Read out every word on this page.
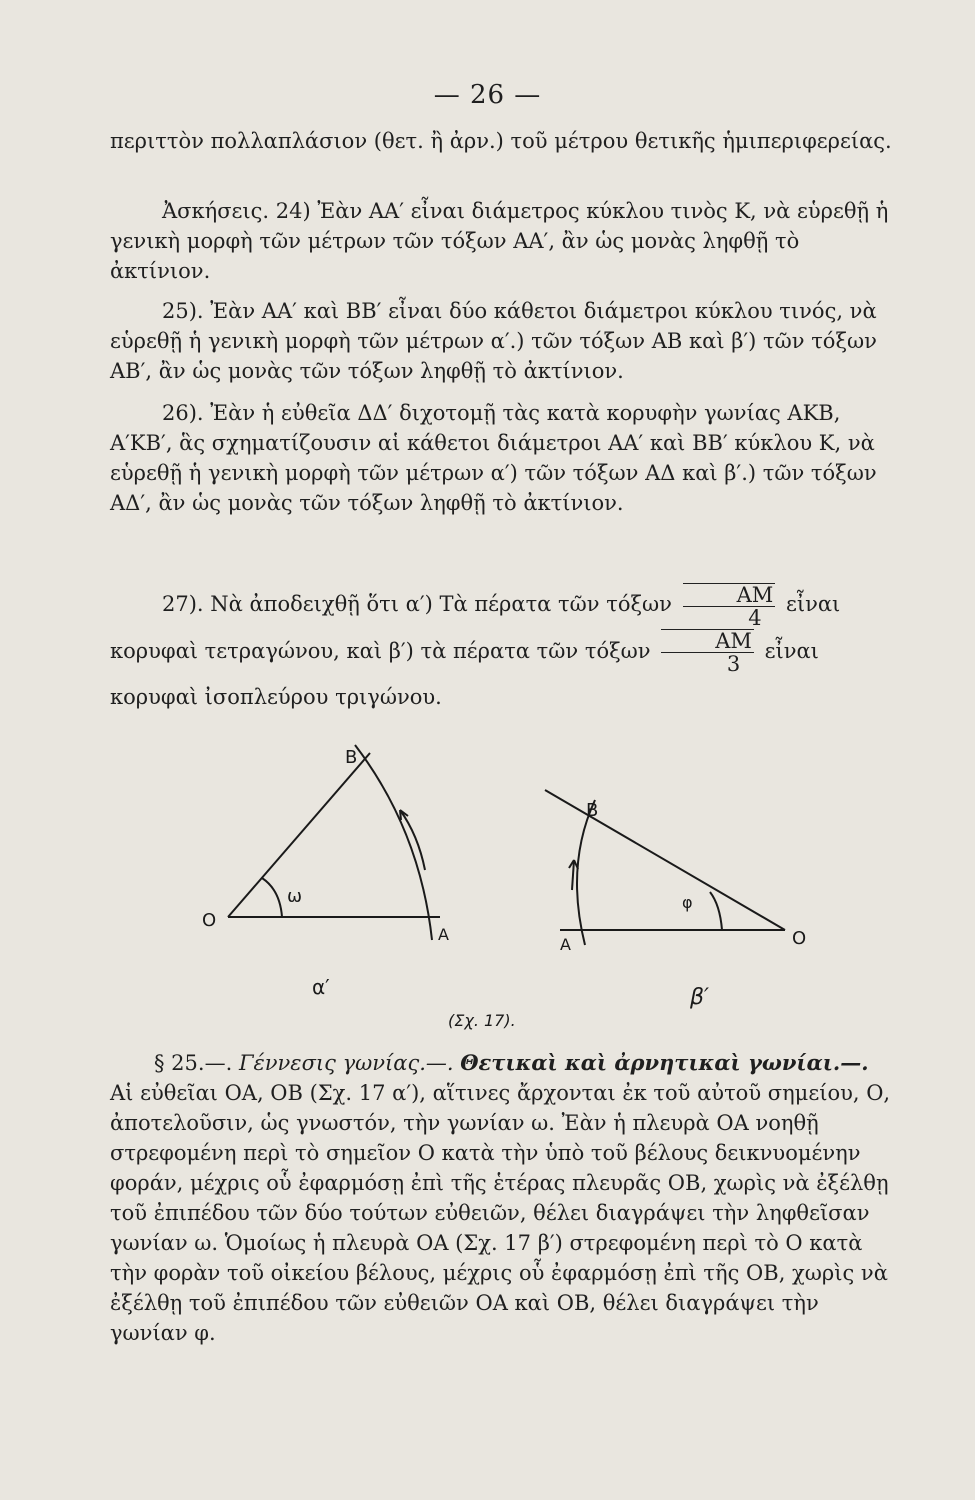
— 26 —

περιττὸν πολλαπλάσιον (θετ. ἢ ἀρν.) τοῦ μέτρου θετικῆς ἡμιπεριφερείας.

Ἀσκήσεις. 24) Ἐὰν ΑΑ′ εἶναι διάμετρος κύκλου τινὸς Κ, νὰ εὑρεθῇ ἡ γενικὴ μορφὴ τῶν μέτρων τῶν τόξων ΑΑ′, ἂν ὡς μονὰς ληφθῇ τὸ ἀκτίνιον.

25). Ἐὰν ΑΑ′ καὶ ΒΒ′ εἶναι δύο κάθετοι διάμετροι κύκλου τινός, νὰ εὑρεθῇ ἡ γενικὴ μορφὴ τῶν μέτρων α′.) τῶν τόξων ΑΒ καὶ β′) τῶν τόξων ΑΒ′, ἂν ὡς μονὰς τῶν τόξων ληφθῇ τὸ ἀκτίνιον.

26). Ἐὰν ἡ εὐθεῖα ΔΔ′ διχοτομῇ τὰς κατὰ κορυφὴν γωνίας ΑΚΒ, Α′ΚΒ′, ἃς σχηματίζουσιν αἱ κάθετοι διάμετροι ΑΑ′ καὶ ΒΒ′ κύκλου Κ, νὰ εὑρεθῇ ἡ γενικὴ μορφὴ τῶν μέτρων α′) τῶν τόξων ΑΔ καὶ β′.) τῶν τόξων ΑΔ′, ἂν ὡς μονὰς τῶν τόξων ληφθῇ τὸ ἀκτίνιον.

27). Νὰ ἀποδειχθῇ ὅτι α′) Τὰ πέρατα τῶν τόξων $\frac{AM}{4}$ εἶναι κορυφαὶ τετραγώνου, καὶ β′) τὰ πέρατα τῶν τόξων $\frac{AM}{3}$ εἶναι κορυφαὶ ἰσοπλεύρου τριγώνου.
O
A
B
ω
α′
O
A
B
φ
β′
(Σχ. 17).

§ 25.—. Γέννεσις γωνίας.—. Θετικαὶ καὶ ἀρνητικαὶ γωνίαι.—. Αἱ εὐθεῖαι ΟΑ, ΟΒ (Σχ. 17 α′), αἵτινες ἄρχονται ἐκ τοῦ αὐτοῦ σημείου, Ο, ἀποτελοῦσιν, ὡς γνωστόν, τὴν γωνίαν ω. Ἐὰν ἡ πλευρὰ ΟΑ νοηθῇ στρεφομένη περὶ τὸ σημεῖον Ο κατὰ τὴν ὑπὸ τοῦ βέλους δεικνυομένην φοράν, μέχρις οὗ ἐφαρμόσῃ ἐπὶ τῆς ἑτέρας πλευρᾶς ΟΒ, χωρὶς νὰ ἐξέλθῃ τοῦ ἐπιπέδου τῶν δύο τούτων εὐθειῶν, θέλει διαγράψει τὴν ληφθεῖσαν γωνίαν ω. Ὁμοίως ἡ πλευρὰ ΟΑ (Σχ. 17 β′) στρεφομένη περὶ τὸ Ο κατὰ τὴν φορὰν τοῦ οἰκείου βέλους, μέχρις οὗ ἐφαρμόσῃ ἐπὶ τῆς ΟΒ, χωρὶς νὰ ἐξέλθῃ τοῦ ἐπιπέδου τῶν εὐθειῶν ΟΑ καὶ ΟΒ, θέλει διαγράψει τὴν γωνίαν φ.
